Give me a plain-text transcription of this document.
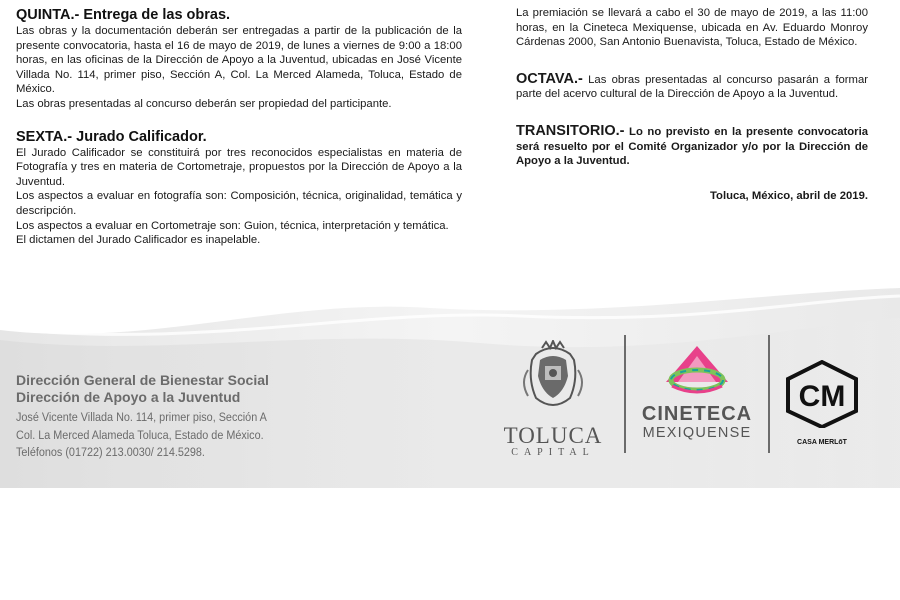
QUINTA.- Entrega de las obras.

Las obras y la documentación deberán ser entregadas a partir de la publicación de la presente convocatoria, hasta el 16 de mayo de 2019, de lunes a viernes de 9:00 a 18:00 horas, en las oficinas de la Dirección de Apoyo a la Juventud, ubicadas en José Vicente Villada No. 114, primer piso, Sección A, Col. La Merced Alameda, Toluca, Estado de México.

Las obras presentadas al concurso deberán ser propiedad del participante.

SEXTA.- Jurado Calificador.

El Jurado Calificador se constituirá por tres reconocidos especialistas en materia de Fotografía y tres en materia de Cortometraje, propuestos por la Dirección de Apoyo a la Juventud.

Los aspectos a evaluar en fotografía son: Composición, técnica, originalidad, temática y descripción.

Los aspectos a evaluar en Cortometraje son: Guion, técnica, interpretación y temática.

El dictamen del Jurado Calificador es inapelable.

La premiación se llevará a cabo el 30 de mayo de 2019, a las 11:00 horas, en la Cineteca Mexiquense, ubicada en Av. Eduardo Monroy Cárdenas 2000, San Antonio Buenavista, Toluca, Estado de México.

OCTAVA.- Las obras presentadas al concurso pasarán a formar parte del acervo cultural de la Dirección de Apoyo a la Juventud.

TRANSITORIO.- Lo no previsto en la presente convocatoria será resuelto por el Comité Organizador y/o por la Dirección de Apoyo a la Juventud.

Toluca, México, abril de 2019.
Dirección General de Bienestar Social
Dirección de Apoyo a la Juventud
José Vicente Villada No. 114, primer piso, Sección A
Col. La Merced Alameda Toluca, Estado de México.
Teléfonos (01722) 213.0030/ 214.5298.
TOLUCA
CAPITAL
CINETECA
MEXIQUENSE
CM
CASA MERLōT
